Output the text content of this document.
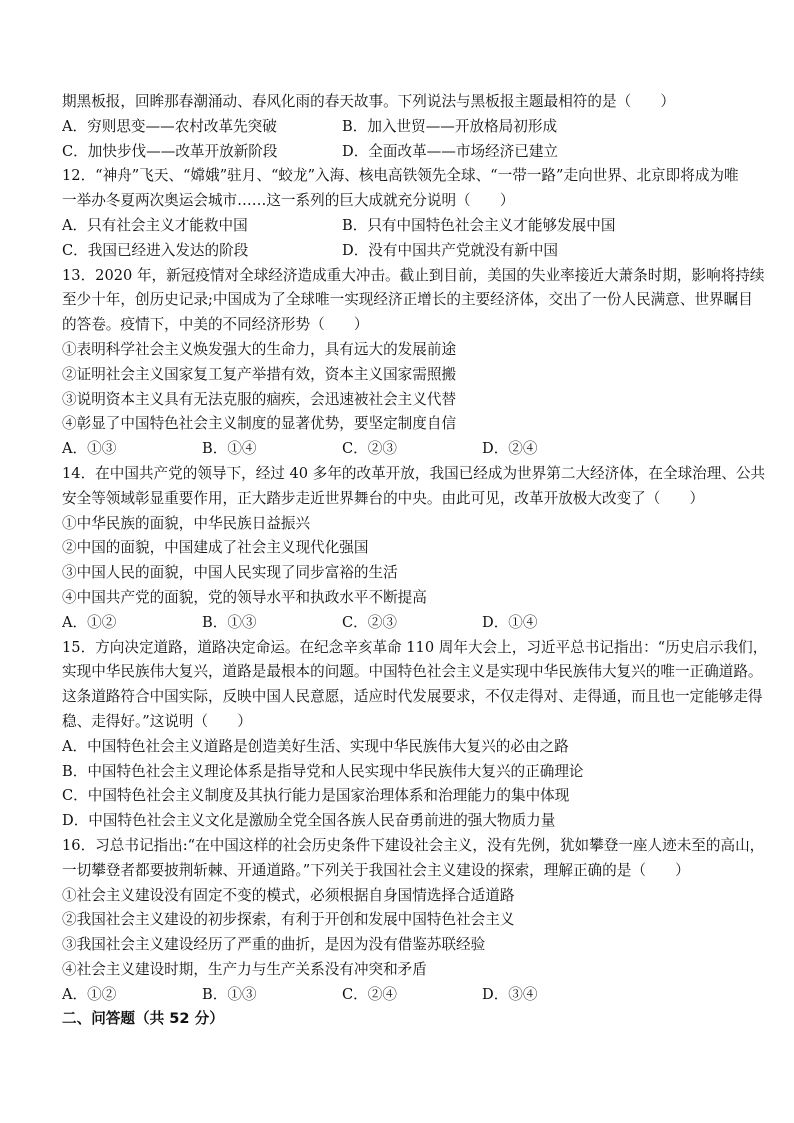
期黑板报，回眸那春潮涌动、春风化雨的春天故事。下列说法与黑板报主题最相符的是（　　）
A．穷则思变——农村改革先突破	B．加入世贸——开放格局初形成
C．加快步伐——改革开放新阶段	D．全面改革——市场经济已建立
12．“神舟”飞天、“嫦娥”驻月、“蛟龙”入海、核电高铁领先全球、“一带一路”走向世界、北京即将成为唯
一举办冬夏两次奥运会城市……这一系列的巨大成就充分说明（　　）
A．只有社会主义才能救中国	B．只有中国特色社会主义才能够发展中国
C．我国已经进入发达的阶段	D．没有中国共产党就没有新中国
13．2020 年，新冠疫情对全球经济造成重大冲击。截止到目前，美国的失业率接近大萧条时期，影响将持续
至少十年，创历史记录;中国成为了全球唯一实现经济正增长的主要经济体，交出了一份人民满意、世界瞩目
的答卷。疫情下，中美的不同经济形势（　　）
①表明科学社会主义焕发强大的生命力，具有远大的发展前途
②证明社会主义国家复工复产举措有效，资本主义国家需照搬
③说明资本主义具有无法克服的痼疾，会迅速被社会主义代替
④彰显了中国特色社会主义制度的显著优势，要坚定制度自信
A．①③	B．①④	C．②③	D．②④
14．在中国共产党的领导下，经过 40 多年的改革开放，我国已经成为世界第二大经济体，在全球治理、公共
安全等领域彰显重要作用，正大踏步走近世界舞台的中央。由此可见，改革开放极大改变了（　　）
①中华民族的面貌，中华民族日益振兴
②中国的面貌，中国建成了社会主义现代化强国
③中国人民的面貌，中国人民实现了同步富裕的生活
④中国共产党的面貌，党的领导水平和执政水平不断提高
A．①②	B．①③	C．②③	D．①④
15．方向决定道路，道路决定命运。在纪念辛亥革命 110 周年大会上，习近平总书记指出：“历史启示我们，
实现中华民族伟大复兴，道路是最根本的问题。中国特色社会主义是实现中华民族伟大复兴的唯一正确道路。
这条道路符合中国实际，反映中国人民意愿，适应时代发展要求，不仅走得对、走得通，而且也一定能够走得
稳、走得好。”这说明（　　）
A．中国特色社会主义道路是创造美好生活、实现中华民族伟大复兴的必由之路
B．中国特色社会主义理论体系是指导党和人民实现中华民族伟大复兴的正确理论
C．中国特色社会主义制度及其执行能力是国家治理体系和治理能力的集中体现
D．中国特色社会主义文化是激励全党全国各族人民奋勇前进的强大物质力量
16．习总书记指出:“在中国这样的社会历史条件下建设社会主义，没有先例，犹如攀登一座人迹未至的高山，
一切攀登者都要披荆斩棘、开通道路。”下列关于我国社会主义建设的探索，理解正确的是（　　）
①社会主义建设没有固定不变的模式，必须根据自身国情选择合适道路
②我国社会主义建设的初步探索，有利于开创和发展中国特色社会主义
③我国社会主义建设经历了严重的曲折，是因为没有借鉴苏联经验
④社会主义建设时期，生产力与生产关系没有冲突和矛盾
A．①②	B．①③	C．②④	D．③④
二、问答题（共 52 分）
